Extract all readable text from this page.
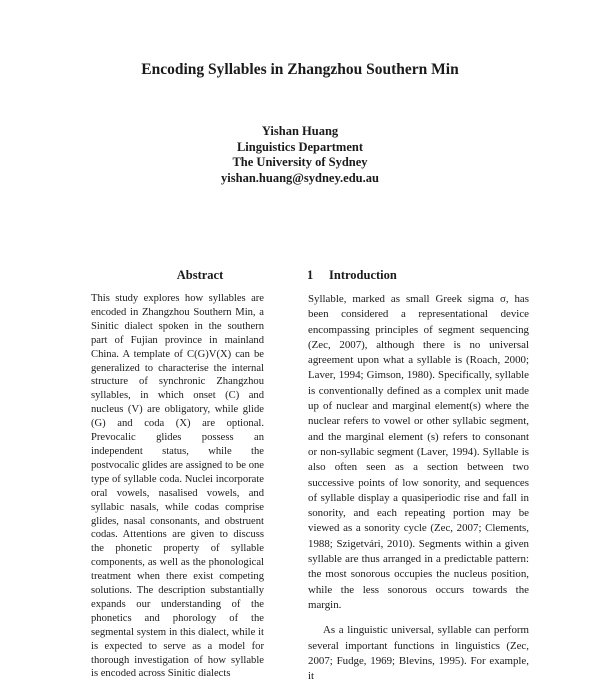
Encoding Syllables in Zhangzhou Southern Min
Yishan Huang
Linguistics Department
The University of Sydney
yishan.huang@sydney.edu.au
Abstract	1 Introduction

This study explores how syllables are encoded in Zhangzhou Southern Min, a Sinitic dialect spoken in the southern part of Fujian province in mainland China. A template of C(G)V(X) can be generalized to characterise the internal structure of synchronic Zhangzhou syllables, in which onset (C) and nucleus (V) are obligatory, while glide (G) and coda (X) are optional. Prevocalic glides possess an independent status, while the postvocalic glides are assigned to be one type of syllable coda. Nuclei incorporate oral vowels, nasalised vowels, and syllabic nasals, while codas comprise glides, nasal consonants, and obstruent codas. Attentions are given to discuss the phonetic property of syllable components, as well as the phonological treatment when there exist competing solutions. The description substantially expands our understanding of the phonetics and phorology of the segmental system in this dialect, while it is expected to serve as a model for thorough investigation of how syllable is encoded across Sinitic dialects

Syllable, marked as small Greek sigma σ, has been considered a representational device encompassing principles of segment sequencing (Zec, 2007), although there is no universal agreement upon what a syllable is (Roach, 2000; Laver, 1994; Gimson, 1980). Specifically, syllable is conventionally defined as a complex unit made up of nuclear and marginal element(s) where the nuclear refers to vowel or other syllabic segment, and the marginal element (s) refers to consonant or non-syllabic segment (Laver, 1994). Syllable is also often seen as a section between two successive points of low sonority, and sequences of syllable display a quasiperiodic rise and fall in sonority, and each repeating portion may be viewed as a sonority cycle (Zec, 2007; Clements, 1988; Szigetvári, 2010). Segments within a given syllable are thus arranged in a predictable pattern: the most sonorous occupies the nucleus position, while the less sonorous occurs towards the margin.

As a linguistic universal, syllable can perform several important functions in linguistics (Zec, 2007; Fudge, 1969; Blevins, 1995). For example, it
